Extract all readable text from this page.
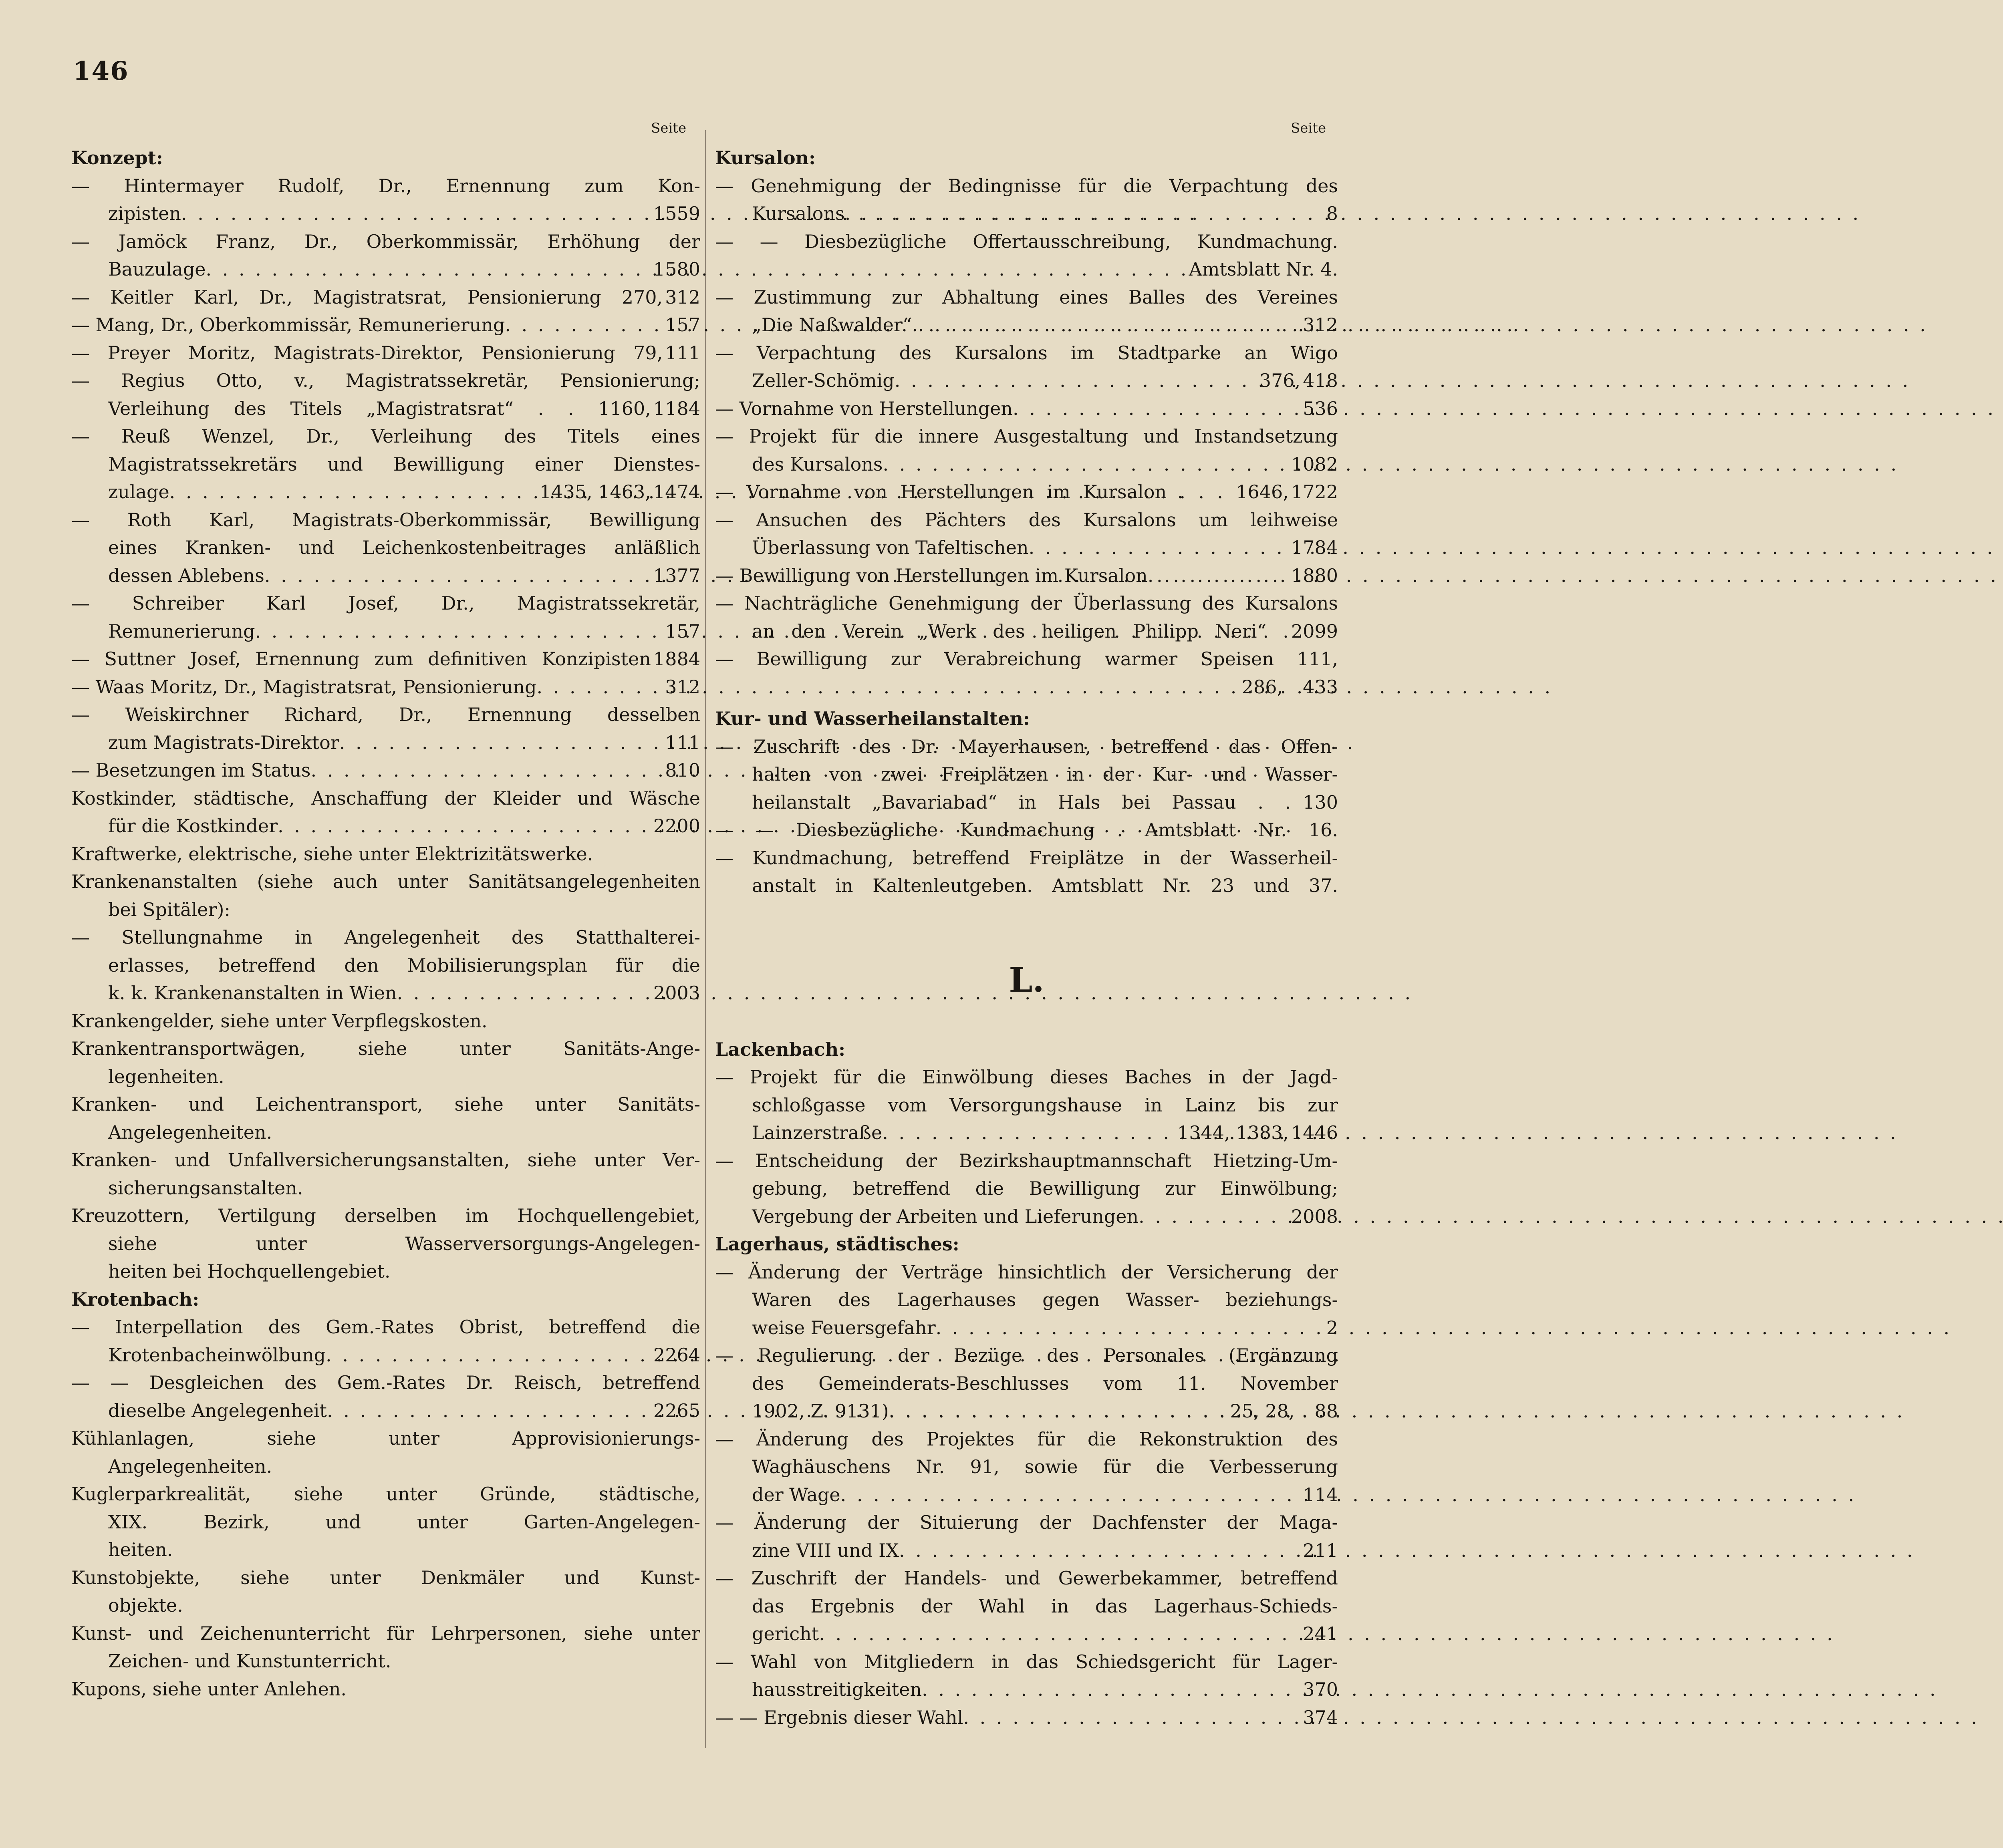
146
Seite	Seite
Konzept:
— Hintermayer Rudolf, Dr., Ernennung zum Kon-
zipisten . . .	1559
— Jamöck Franz, Dr., Oberkommissär, Erhöhung der
Bauzulage . . .	1580
— Keitler Karl, Dr., Magistratsrat, Pensionierung 270, 312
— Mang, Dr., Oberkommissär, Remunerierung . . .	157
— Preyer Moritz, Magistrats-Direktor, Pensionierung 79, 111
— Regius Otto, v., Magistratssekretär, Pensionierung;
Verleihung des Titels „Magistratsrat“ . . 1160, 1184
— Reuß Wenzel, Dr., Verleihung des Titels eines
Magistratssekretärs und Bewilligung einer Dienstes-
zulage . . .	1435, 1463, 1474
— Roth Karl, Magistrats-Oberkommissär, Bewilligung
eines Kranken- und Leichenkostenbeitrages anläßlich
dessen Ablebens . . .	1377
— Schreiber Karl Josef, Dr., Magistratssekretär,
Remunerierung . . .	157
— Suttner Josef, Ernennung zum definitiven Konzipisten 1884
— Waas Moritz, Dr., Magistratsrat, Pensionierung . . .	312
— Weiskirchner Richard, Dr., Ernennung desselben
zum Magistrats-Direktor . . .	111
— Besetzungen im Status . . .	810
Kostkinder, städtische, Anschaffung der Kleider und Wäsche
für die Kostkinder . . .	2200
Kraftwerke, elektrische, siehe unter Elektrizitätswerke.
Krankenanstalten (siehe auch unter Sanitätsangelegenheiten
bei Spitäler):
— Stellungnahme in Angelegenheit des Statthalterei-
erlasses, betreffend den Mobilisierungsplan für die
k. k. Krankenanstalten in Wien . . .	2003
Krankengelder, siehe unter Verpflegskosten.
Krankentransportwägen, siehe unter Sanitäts-Ange-
legenheiten.
Kranken- und Leichentransport, siehe unter Sanitäts-
Angelegenheiten.
Kranken- und Unfallversicherungsanstalten, siehe unter Ver-
sicherungsanstalten.
Kreuzottern, Vertilgung derselben im Hochquellengebiet,
siehe unter Wasserversorgungs-Angelegen-
heiten bei Hochquellengebiet.
Krotenbach:
— Interpellation des Gem.-Rates Obrist, betreffend die
Krotenbacheinwölbung . . .	2264
— — Desgleichen des Gem.-Rates Dr. Reisch, betreffend
dieselbe Angelegenheit . . .	2265
Kühlanlagen, siehe unter Approvisionierungs-
Angelegenheiten.
Kuglerparkrealität, siehe unter Gründe, städtische,
XIX. Bezirk, und unter Garten-Angelegen-
heiten.
Kunstobjekte, siehe unter Denkmäler und Kunst-
objekte.
Kunst- und Zeichenunterricht für Lehrpersonen, siehe unter
Zeichen- und Kunstunterricht.
Kupons, siehe unter Anlehen.
Kursalon:
— Genehmigung der Bedingnisse für die Verpachtung des
Kursalons . . .	8
— — Diesbezügliche Offertausschreibung, Kundmachung.
Amtsblatt Nr. 4.
— Zustimmung zur Abhaltung eines Balles des Vereines
„Die Naßwalder“ . . .	312
— Verpachtung des Kursalons im Stadtparke an Wigo
Zeller-Schömig . . .	376, 418
— Vornahme von Herstellungen . . .	536
— Projekt für die innere Ausgestaltung und Instandsetzung
des Kursalons . . .	1082
— Vornahme von Herstellungen im Kursalon . . . 1646, 1722
— Ansuchen des Pächters des Kursalons um leihweise
Überlassung von Tafeltischen . . .	1784
— Bewilligung von Herstellungen im Kursalon . . .	1880
— Nachträgliche Genehmigung der Überlassung des Kursalons
an den Verein „Werk des heiligen Philipp Neri“ . 2099
— Bewilligung zur Verabreichung warmer Speisen 111,
286,	433
Kur- und Wasserheilanstalten:
— Zuschrift des Dr. Mayerhausen, betreffend das Offen-
halten von zwei Freiplätzen in der Kur- und Wasser-
heilanstalt „Bavariabad“ in Hals bei Passau . . 130
— — Diesbezügliche Kundmachung . Amtsblatt Nr. 16.
— Kundmachung, betreffend Freiplätze in der Wasserheil-
anstalt in Kaltenleutgeben. Amtsblatt Nr. 23 und 37.
L.
Lackenbach:
— Projekt für die Einwölbung dieses Baches in der Jagd-
schloßgasse vom Versorgungshause in Lainz bis zur
Lainzerstraße . . .	1344, 1383, 1446
— Entscheidung der Bezirkshauptmannschaft Hietzing-Um-
gebung, betreffend die Bewilligung zur Einwölbung;
Vergebung der Arbeiten und Lieferungen . . .	2008
Lagerhaus, städtisches:
— Änderung der Verträge hinsichtlich der Versicherung der
Waren des Lagerhauses gegen Wasser- beziehungs-
weise Feuersgefahr . . .	2
— Regulierung der Bezüge des Personales (Ergänzung
des Gemeinderats-Beschlusses vom 11. November
1902, Z. 9131) . . .	25, 28,	88
— Änderung des Projektes für die Rekonstruktion des
Waghäuschens Nr. 91, sowie für die Verbesserung
der Wage . . .	114
— Änderung der Situierung der Dachfenster der Maga-
zine VIII und IX . . .	211
— Zuschrift der Handels- und Gewerbekammer, betreffend
das Ergebnis der Wahl in das Lagerhaus-Schieds-
gericht . . .	241
— Wahl von Mitgliedern in das Schiedsgericht für Lager-
hausstreitigkeiten . . .	370
— — Ergebnis dieser Wahl . . .	374
